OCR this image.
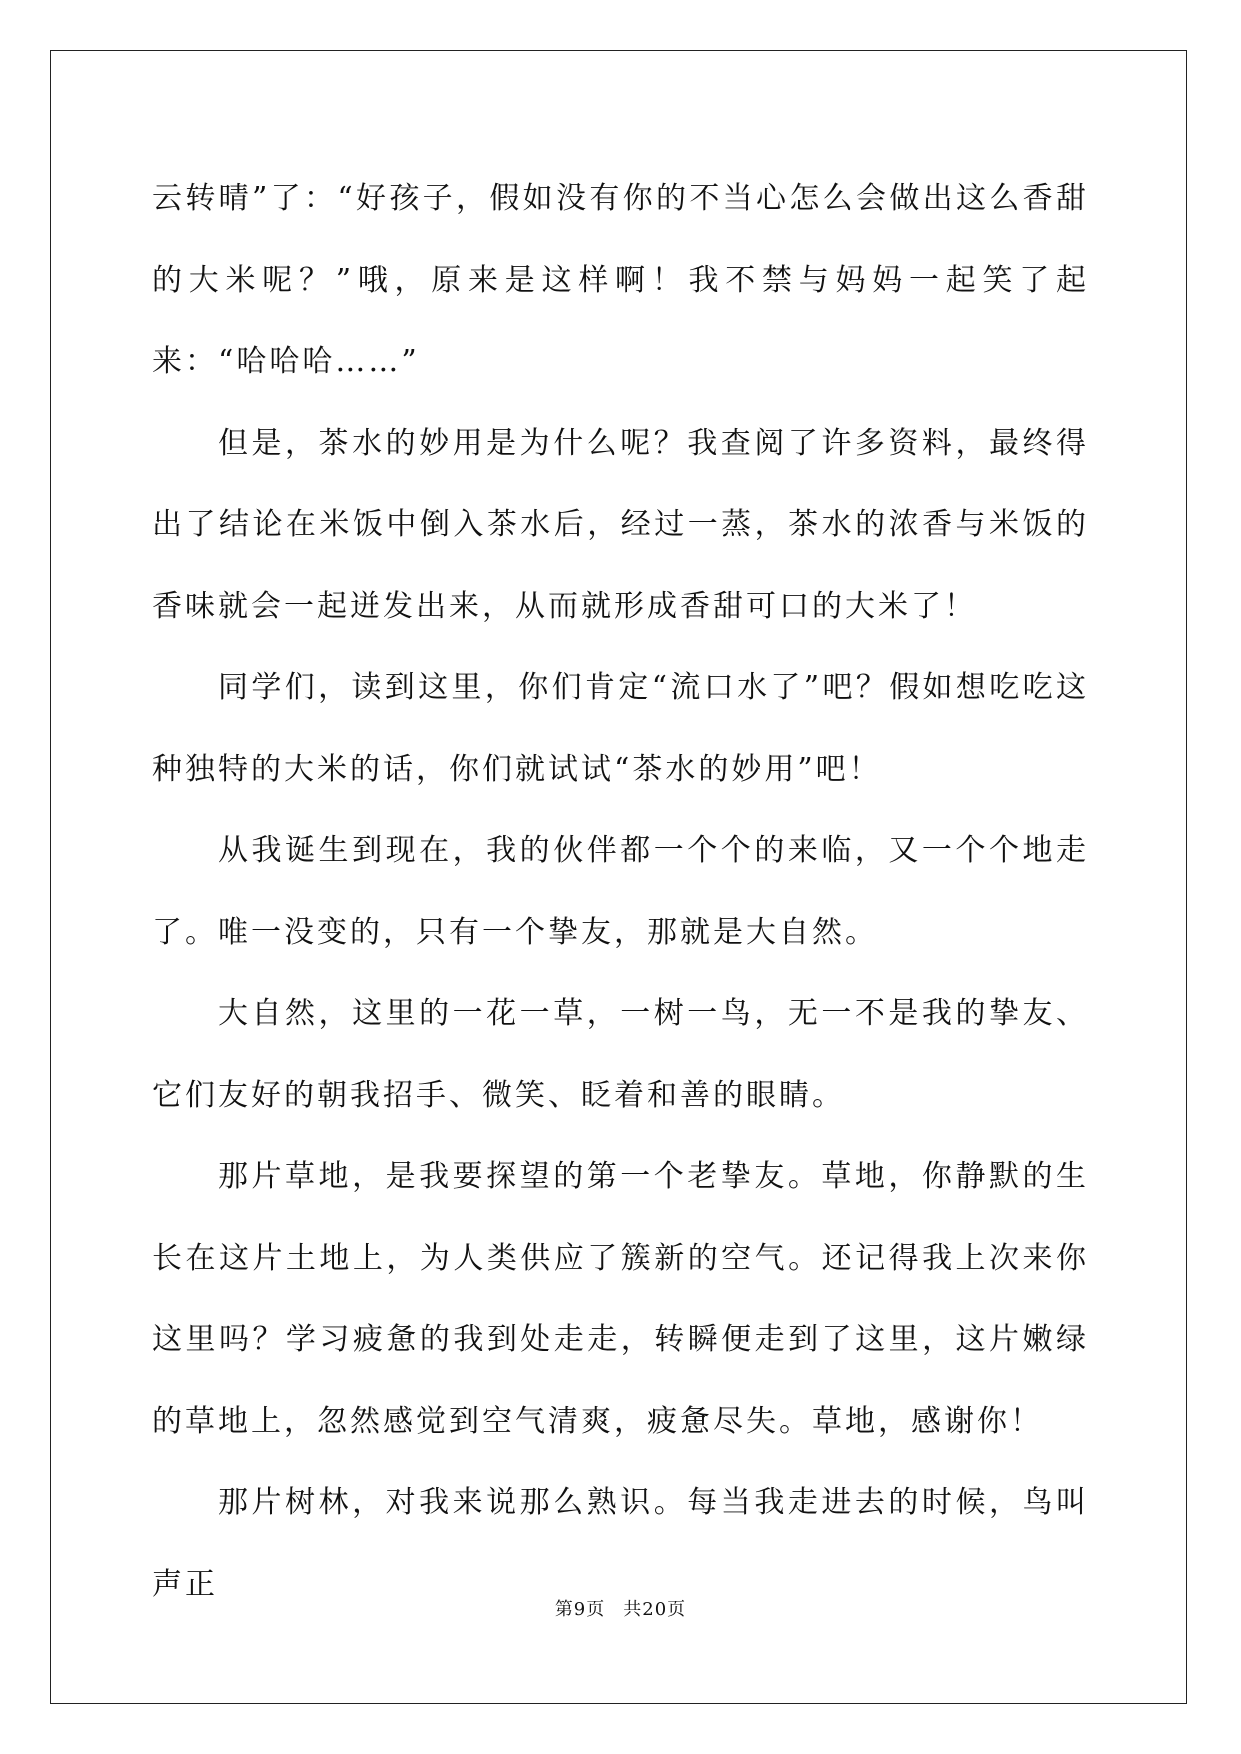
云转晴”了：“好孩子，假如没有你的不当心怎么会做出这么香甜的大米呢？”哦，原来是这样啊！我不禁与妈妈一起笑了起来：“哈哈哈……”

但是，茶水的妙用是为什么呢？我查阅了许多资料，最终得出了结论在米饭中倒入茶水后，经过一蒸，茶水的浓香与米饭的香味就会一起迸发出来，从而就形成香甜可口的大米了！

同学们，读到这里，你们肯定“流口水了”吧？假如想吃吃这种独特的大米的话，你们就试试“茶水的妙用”吧！

从我诞生到现在，我的伙伴都一个个的来临，又一个个地走了。唯一没变的，只有一个挚友，那就是大自然。

大自然，这里的一花一草，一树一鸟，无一不是我的挚友、它们友好的朝我招手、微笑、眨着和善的眼睛。

那片草地，是我要探望的第一个老挚友。草地，你静默的生长在这片土地上，为人类供应了簇新的空气。还记得我上次来你这里吗？学习疲惫的我到处走走，转瞬便走到了这里，这片嫩绿的草地上，忽然感觉到空气清爽，疲惫尽失。草地，感谢你！

那片树林，对我来说那么熟识。每当我走进去的时候，鸟叫声正

第9页 共20页
